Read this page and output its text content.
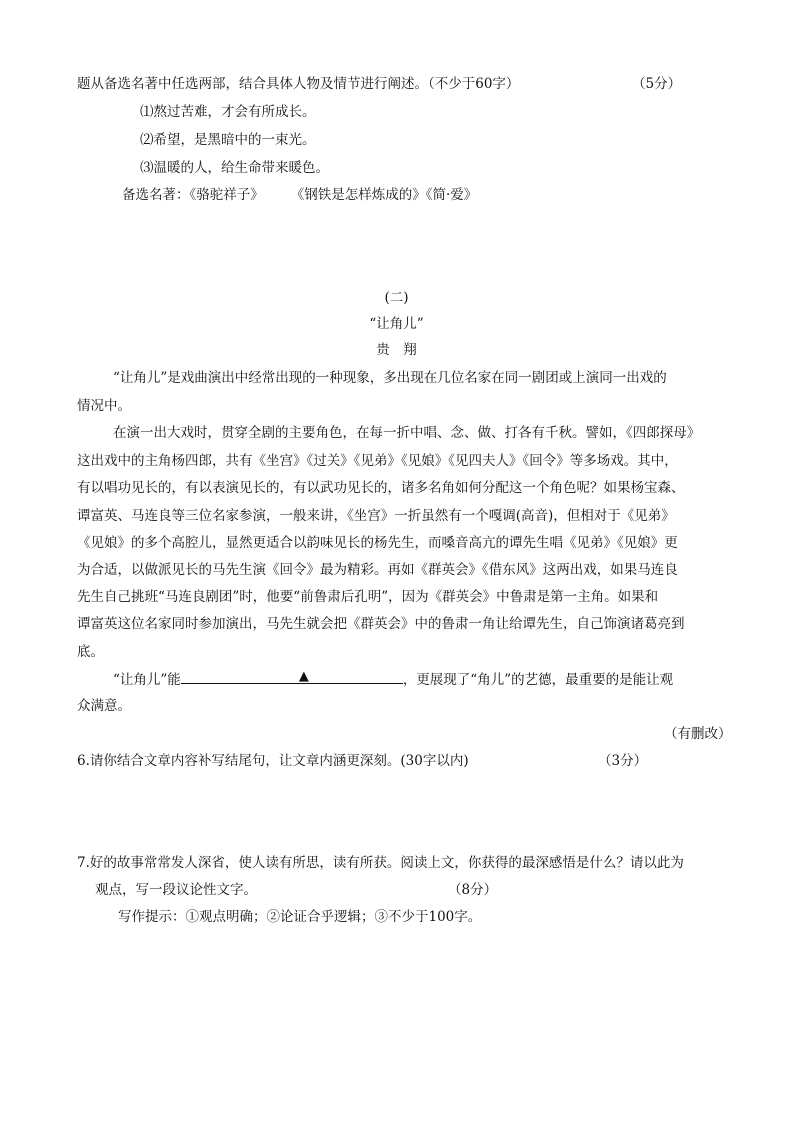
题从备选名著中任选两部，结合具体人物及情节进行阐述。（不少于60字）	（5分）
⑴熬过苦难，才会有所成长。
⑵希望，是黑暗中的一束光。
⑶温暖的人，给生命带来暖色。
备选名著：《骆驼祥子》　　　《钢铁是怎样炼成的》《简·爱》
(二)
“让角儿”
贵　翔
“让角儿”是戏曲演出中经常出现的一种现象，多出现在几位名家在同一剧团或上演同一出戏的
情况中。
在演一出大戏时，贯穿全剧的主要角色，在每一折中唱、念、做、打各有千秋。譬如，《四郎探母》
这出戏中的主角杨四郎，共有《坐宫》《过关》《见弟》《见娘》《见四夫人》《回令》等多场戏。其中，
有以唱功见长的，有以表演见长的，有以武功见长的，诸多名角如何分配这一个角色呢？如果杨宝森、
谭富英、马连良等三位名家参演，一般来讲，《坐宫》一折虽然有一个嘎调(高音)，但相对于《见弟》
《见娘》的多个高腔儿，显然更适合以韵味见长的杨先生，而嗓音高亢的谭先生唱《见弟》《见娘》更
为合适，以做派见长的马先生演《回令》最为精彩。再如《群英会》《借东风》这两出戏，如果马连良
先生自己挑班“马连良剧团”时，他要“前鲁肃后孔明”，因为《群英会》中鲁肃是第一主角。如果和
谭富英这位名家同时参加演出，马先生就会把《群英会》中的鲁肃一角让给谭先生，自己饰演诸葛亮到
底。
“让角儿”能	▲	，更展现了“角儿”的艺德，最重要的是能让观
众满意。
（有删改）
6.请你结合文章内容补写结尾句，让文章内涵更深刻。(30字以内)	（3分）
7.好的故事常常发人深省，使人读有所思，读有所获。阅读上文，你获得的最深感悟是什么？请以此为
观点，写一段议论性文字。	（8分）
写作提示：①观点明确；②论证合乎逻辑；③不少于100字。
